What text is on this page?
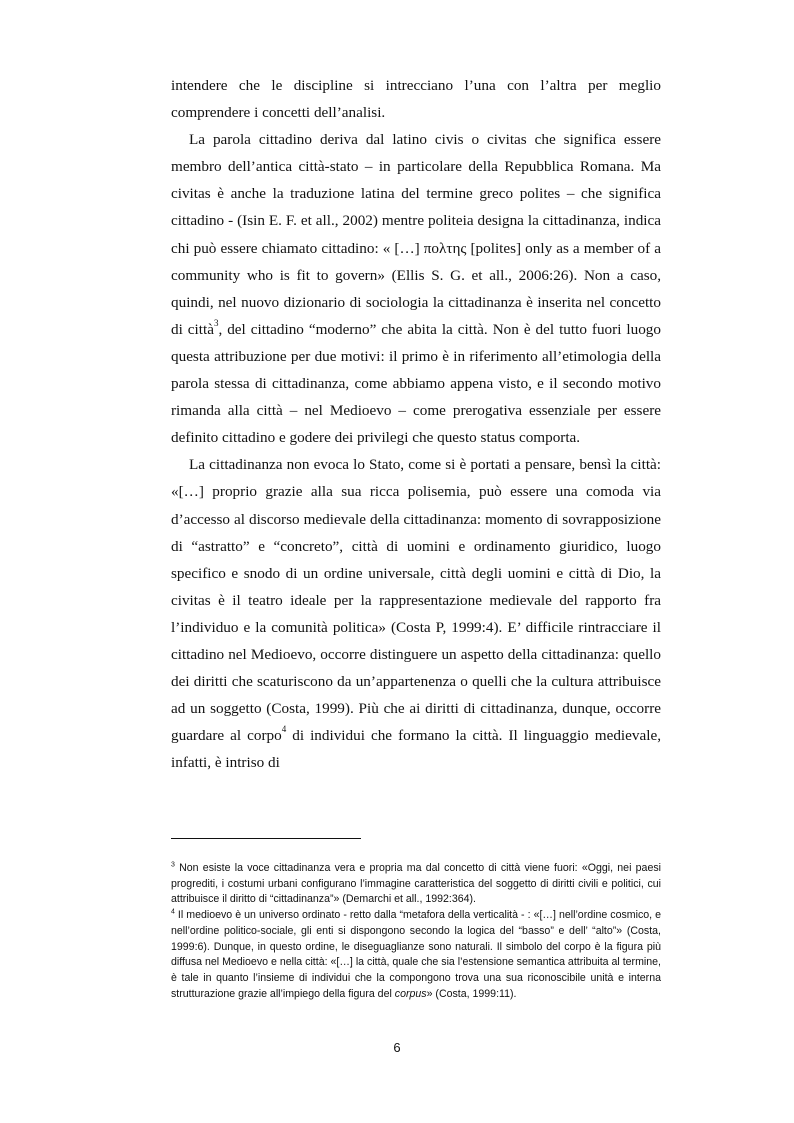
intendere che le discipline si intrecciano l’una con l’altra per meglio comprendere i concetti dell’analisi.

La parola cittadino deriva dal latino civis o civitas che significa essere membro dell’antica città-stato – in particolare della Repubblica Romana. Ma civitas è anche la traduzione latina del termine greco polites – che significa cittadino - (Isin E. F. et all., 2002) mentre politeia designa la cittadinanza, indica chi può essere chiamato cittadino: « […] πολτης [polites] only as a member of a community who is fit to govern» (Ellis S. G. et all., 2006:26). Non a caso, quindi, nel nuovo dizionario di sociologia la cittadinanza è inserita nel concetto di città$^3$, del cittadino “moderno” che abita la città. Non è del tutto fuori luogo questa attribuzione per due motivi: il primo è in riferimento all’etimologia della parola stessa di cittadinanza, come abbiamo appena visto, e il secondo motivo rimanda alla città – nel Medioevo – come prerogativa essenziale per essere definito cittadino e godere dei privilegi che questo status comporta.

La cittadinanza non evoca lo Stato, come si è portati a pensare, bensì la città: «[…] proprio grazie alla sua ricca polisemia, può essere una comoda via d’accesso al discorso medievale della cittadinanza: momento di sovrapposizione di “astratto” e “concreto”, città di uomini e ordinamento giuridico, luogo specifico e snodo di un ordine universale, città degli uomini e città di Dio, la civitas è il teatro ideale per la rappresentazione medievale del rapporto fra l’individuo e la comunità politica» (Costa P, 1999:4). E’ difficile rintracciare il cittadino nel Medioevo, occorre distinguere un aspetto della cittadinanza: quello dei diritti che scaturiscono da un’appartenenza o quelli che la cultura attribuisce ad un soggetto (Costa, 1999). Più che ai diritti di cittadinanza, dunque, occorre guardare al corpo$^4$ di individui che formano la città. Il linguaggio medievale, infatti, è intriso di

$^3$ Non esiste la voce cittadinanza vera e propria ma dal concetto di città viene fuori: «Oggi, nei paesi progrediti, i costumi urbani configurano l’immagine caratteristica del soggetto di diritti civili e politici, cui attribuisce il diritto di “cittadinanza”» (Demarchi et all., 1992:364).

$^4$ Il medioevo è un universo ordinato - retto dalla “metafora della verticalità - : «[…] nell’ordine cosmico, e nell’ordine politico-sociale, gli enti si dispongono secondo la logica del “basso” e dell’ “alto”» (Costa, 1999:6). Dunque, in questo ordine, le diseguaglianze sono naturali. Il simbolo del corpo è la figura più diffusa nel Medioevo e nella città: «[…] la città, quale che sia l’estensione semantica attribuita al termine, è tale in quanto l’insieme di individui che la compongono trova una sua riconoscibile unità e interna strutturazione grazie all’impiego della figura del corpus» (Costa, 1999:11).

6
